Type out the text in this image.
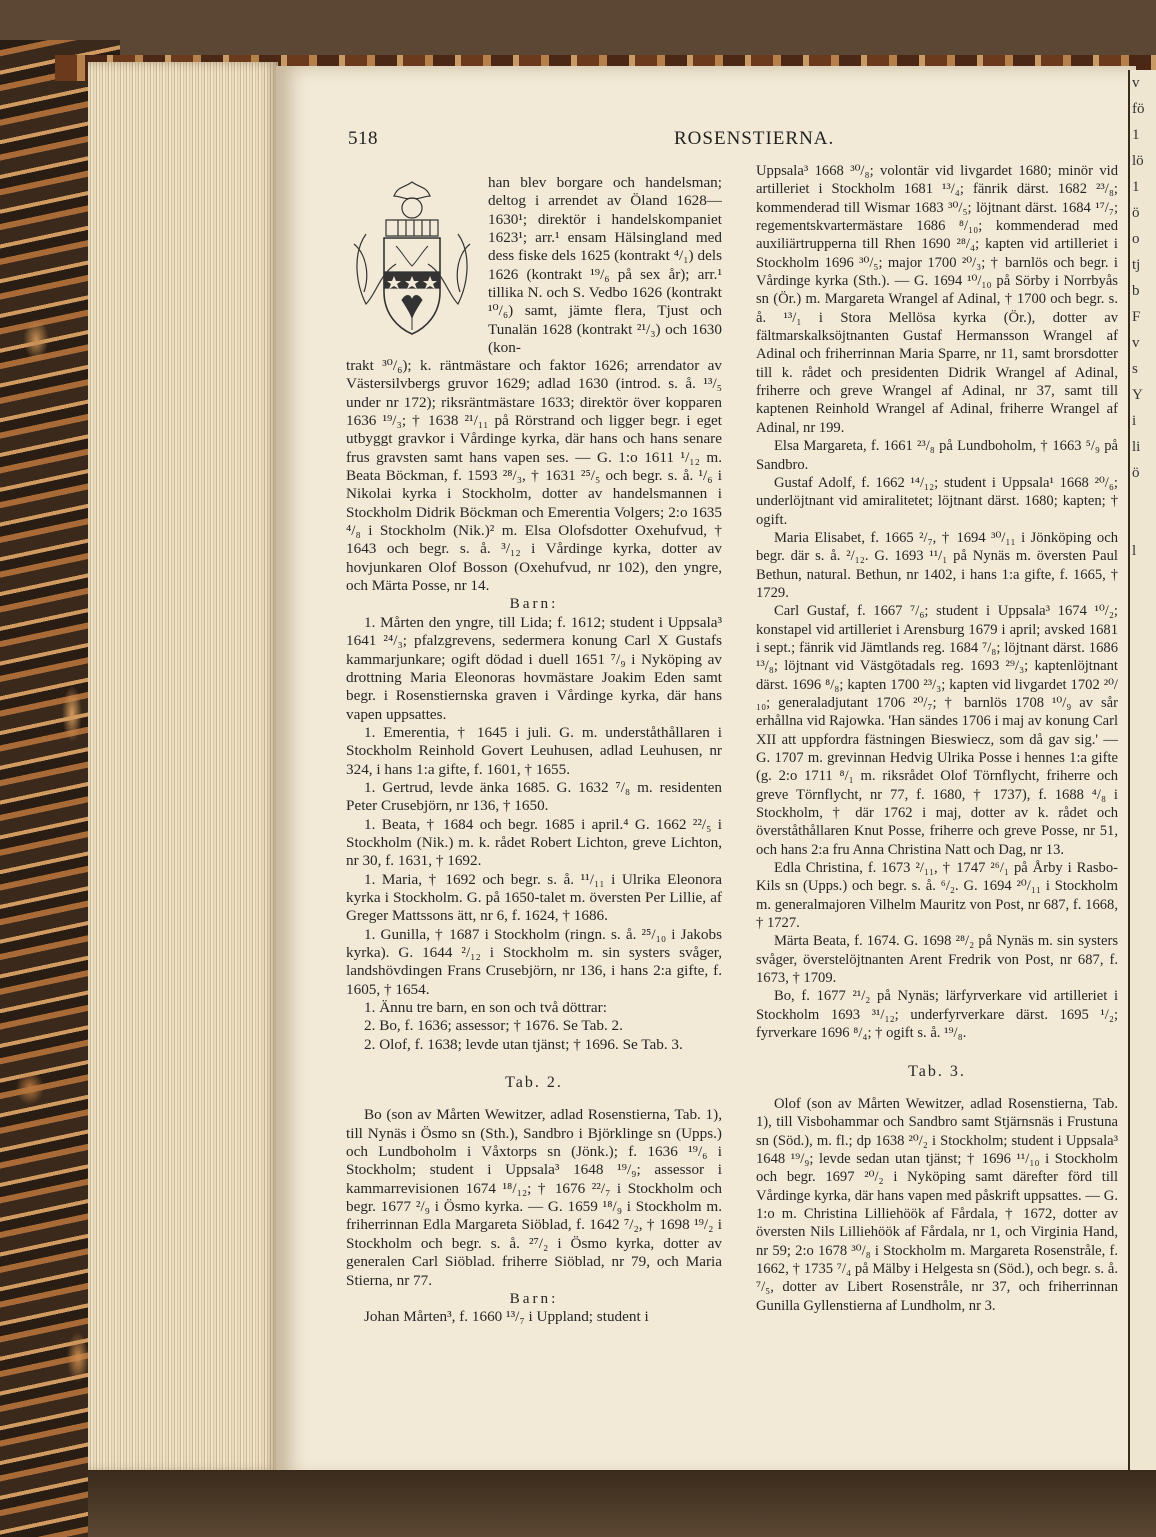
v
fö
1
lö
1
ö
o
tj
b
F
v
s
Y
i
li
ö

l
518	ROSENSTIERNA.
han blev borgare och handelsman; deltog i arrendet av Öland 1628—1630¹; direktör i handelskompaniet 1623¹; arr.¹ ensam Hälsingland med dess fiske dels 1625 (kontrakt ⁴/₁) dels 1626 (kontrakt ¹⁹/₆ på sex år); arr.¹ tillika N. och S. Vedbo 1626 (kontrakt ¹⁰/₆) samt, jämte flera, Tjust och Tunalän 1628 (kontrakt ²¹/₃) och 1630 (kon-

trakt ³⁰/₆); k. räntmästare och faktor 1626; arrendator av Västersilvbergs gruvor 1629; adlad 1630 (introd. s. å. ¹³/₅ under nr 172); riksräntmästare 1633; direktör över kopparen 1636 ¹⁹/₃; † 1638 ²¹/₁₁ på Rörstrand och ligger begr. i eget utbyggt gravkor i Vårdinge kyrka, där hans och hans senare frus gravsten samt hans vapen ses. — G. 1:o 1611 ¹/₁₂ m. Beata Böckman, f. 1593 ²⁸/₃, † 1631 ²⁵/₅ och begr. s. å. ¹/₆ i Nikolai kyrka i Stockholm, dotter av handelsmannen i Stockholm Didrik Böckman och Emerentia Volgers; 2:o 1635 ⁴/₈ i Stockholm (Nik.)² m. Elsa Olofsdotter Oxehufvud, † 1643 och begr. s. å. ³/₁₂ i Vårdinge kyrka, dotter av hovjunkaren Olof Bosson (Oxehufvud, nr 102), den yngre, och Märta Posse, nr 14.

Barn:

1. Mårten den yngre, till Lida; f. 1612; student i Uppsala³ 1641 ²⁴/₃; pfalzgrevens, sedermera konung Carl X Gustafs kammarjunkare; ogift dödad i duell 1651 ⁷/₉ i Nyköping av drottning Maria Eleonoras hovmästare Joakim Eden samt begr. i Rosenstiernska graven i Vårdinge kyrka, där hans vapen uppsattes.

1. Emerentia, † 1645 i juli. G. m. underståthållaren i Stockholm Reinhold Govert Leuhusen, adlad Leuhusen, nr 324, i hans 1:a gifte, f. 1601, † 1655.

1. Gertrud, levde änka 1685. G. 1632 ⁷/₈ m. residenten Peter Crusebjörn, nr 136, † 1650.

1. Beata, † 1684 och begr. 1685 i april.⁴ G. 1662 ²²/₅ i Stockholm (Nik.) m. k. rådet Robert Lichton, greve Lichton, nr 30, f. 1631, † 1692.

1. Maria, † 1692 och begr. s. å. ¹¹/₁₁ i Ulrika Eleonora kyrka i Stockholm. G. på 1650-talet m. översten Per Lillie, af Greger Mattssons ätt, nr 6, f. 1624, † 1686.

1. Gunilla, † 1687 i Stockholm (ringn. s. å. ²⁵/₁₀ i Jakobs kyrka). G. 1644 ²/₁₂ i Stockholm m. sin systers svåger, landshövdingen Frans Crusebjörn, nr 136, i hans 2:a gifte, f. 1605, † 1654.

1. Ännu tre barn, en son och två döttrar:

2. Bo, f. 1636; assessor; † 1676. Se Tab. 2.

2. Olof, f. 1638; levde utan tjänst; † 1696. Se Tab. 3.

Tab. 2.

Bo (son av Mårten Wewitzer, adlad Rosenstierna, Tab. 1), till Nynäs i Ösmo sn (Sth.), Sandbro i Björklinge sn (Upps.) och Lundboholm i Våxtorps sn (Jönk.); f. 1636 ¹⁹/₆ i Stockholm; student i Uppsala³ 1648 ¹⁹/₉; assessor i kammarrevisionen 1674 ¹⁸/₁₂; † 1676 ²²/₇ i Stockholm och begr. 1677 ²/₉ i Ösmo kyrka. — G. 1659 ¹⁸/₉ i Stockholm m. friherrinnan Edla Margareta Siöblad, f. 1642 ⁷/₂, † 1698 ¹⁹/₂ i Stockholm och begr. s. å. ²⁷/₂ i Ösmo kyrka, dotter av generalen Carl Siöblad. friherre Siöblad, nr 79, och Maria Stierna, nr 77.

Barn:

Johan Mårten³, f. 1660 ¹³/₇ i Uppland; student i

Uppsala³ 1668 ³⁰/₈; volontär vid livgardet 1680; minör vid artilleriet i Stockholm 1681 ¹³/₄; fänrik därst. 1682 ²³/₈; kommenderad till Wismar 1683 ³⁰/₅; löjtnant därst. 1684 ¹⁷/₇; regementskvartermästare 1686 ⁸/₁₀; kommenderad med auxiliärtrupperna till Rhen 1690 ²⁸/₄; kapten vid artilleriet i Stockholm 1696 ³⁰/₅; major 1700 ²⁰/₃; † barnlös och begr. i Vårdinge kyrka (Sth.). — G. 1694 ¹⁰/₁₀ på Sörby i Norrbyås sn (Ör.) m. Margareta Wrangel af Adinal, † 1700 och begr. s. å. ¹³/₁ i Stora Mellösa kyrka (Ör.), dotter av fältmarskalksöjtnanten Gustaf Hermansson Wrangel af Adinal och friherrinnan Maria Sparre, nr 11, samt brorsdotter till k. rådet och presidenten Didrik Wrangel af Adinal, friherre och greve Wrangel af Adinal, nr 37, samt till kaptenen Reinhold Wrangel af Adinal, friherre Wrangel af Adinal, nr 199.

Elsa Margareta, f. 1661 ²³/₈ på Lundboholm, † 1663 ⁵/₉ på Sandbro.

Gustaf Adolf, f. 1662 ¹⁴/₁₂; student i Uppsala¹ 1668 ²⁰/₆; underlöjtnant vid amiralitetet; löjtnant därst. 1680; kapten; † ogift.

Maria Elisabet, f. 1665 ²/₇, † 1694 ³⁰/₁₁ i Jönköping och begr. där s. å. ²/₁₂. G. 1693 ¹¹/₁ på Nynäs m. översten Paul Bethun, natural. Bethun, nr 1402, i hans 1:a gifte, f. 1665, † 1729.

Carl Gustaf, f. 1667 ⁷/₆; student i Uppsala³ 1674 ¹⁰/₂; konstapel vid artilleriet i Arensburg 1679 i april; avsked 1681 i sept.; fänrik vid Jämtlands reg. 1684 ⁷/₈; löjtnant därst. 1686 ¹³/₈; löjtnant vid Västgötadals reg. 1693 ²⁹/₃; kaptenlöjtnant därst. 1696 ⁸/₈; kapten 1700 ²³/₃; kapten vid livgardet 1702 ²⁰/₁₀; generaladjutant 1706 ²⁰/₇; † barnlös 1708 ¹⁰/₉ av sår erhållna vid Rajowka. 'Han sändes 1706 i maj av konung Carl XII att uppfordra fästningen Bieswiecz, som då gav sig.' — G. 1707 m. grevinnan Hedvig Ulrika Posse i hennes 1:a gifte (g. 2:o 1711 ⁸/₁ m. riksrådet Olof Törnflycht, friherre och greve Törnflycht, nr 77, f. 1680, † 1737), f. 1688 ⁴/₈ i Stockholm, † där 1762 i maj, dotter av k. rådet och överståthållaren Knut Posse, friherre och greve Posse, nr 51, och hans 2:a fru Anna Christina Natt och Dag, nr 13.

Edla Christina, f. 1673 ²/₁₁, † 1747 ²⁶/₁ på Årby i Rasbo-Kils sn (Upps.) och begr. s. å. ⁶/₂. G. 1694 ²⁰/₁₁ i Stockholm m. generalmajoren Vilhelm Mauritz von Post, nr 687, f. 1668, † 1727.

Märta Beata, f. 1674. G. 1698 ²⁸/₂ på Nynäs m. sin systers svåger, överstelöjtnanten Arent Fredrik von Post, nr 687, f. 1673, † 1709.

Bo, f. 1677 ²¹/₂ på Nynäs; lärfyrverkare vid artilleriet i Stockholm 1693 ³¹/₁₂; underfyrverkare därst. 1695 ¹/₂; fyrverkare 1696 ⁸/₄; † ogift s. å. ¹⁹/₈.

Tab. 3.

Olof (son av Mårten Wewitzer, adlad Rosenstierna, Tab. 1), till Visbohammar och Sandbro samt Stjärnsnäs i Frustuna sn (Söd.), m. fl.; dp 1638 ²⁰/₂ i Stockholm; student i Uppsala³ 1648 ¹⁹/₉; levde sedan utan tjänst; † 1696 ¹¹/₁₀ i Stockholm och begr. 1697 ²⁰/₂ i Nyköping samt därefter förd till Vårdinge kyrka, där hans vapen med påskrift uppsattes. — G. 1:o m. Christina Lilliehöök af Fårdala, † 1672, dotter av översten Nils Lilliehöök af Fårdala, nr 1, och Virginia Hand, nr 59; 2:o 1678 ³⁰/₈ i Stockholm m. Margareta Rosenstråle, f. 1662, † 1735 ⁷/₄ på Mälby i Helgesta sn (Söd.), och begr. s. å. ⁷/₅, dotter av Libert Rosenstråle, nr 37, och friherrinnan Gunilla Gyllenstierna af Lundholm, nr 3.
